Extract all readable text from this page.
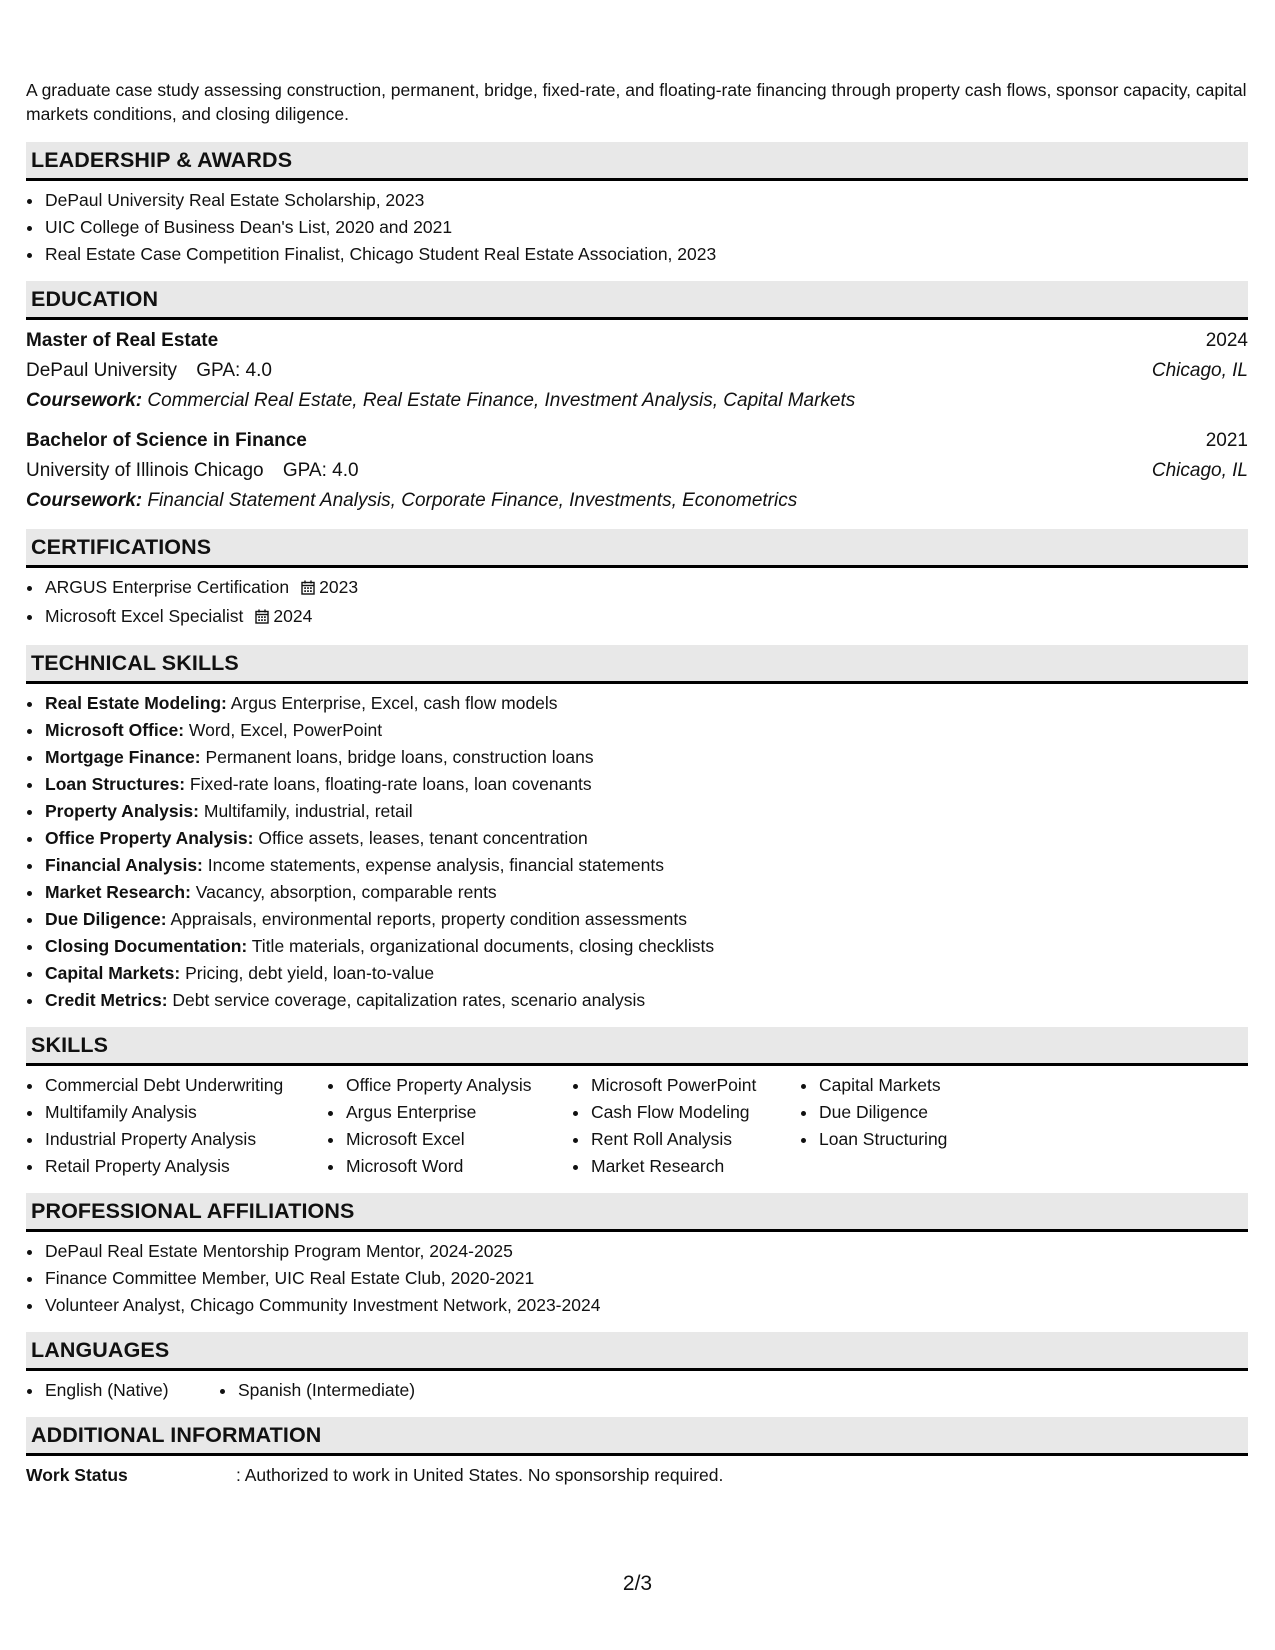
A graduate case study assessing construction, permanent, bridge, fixed-rate, and floating-rate financing through property cash flows, sponsor capacity, capital markets conditions, and closing diligence.
LEADERSHIP & AWARDS
• DePaul University Real Estate Scholarship, 2023
• UIC College of Business Dean's List, 2020 and 2021
• Real Estate Case Competition Finalist, Chicago Student Real Estate Association, 2023
EDUCATION
Master of Real Estate	2024
DePaul University GPA: 4.0	Chicago, IL
Coursework: Commercial Real Estate, Real Estate Finance, Investment Analysis, Capital Markets
Bachelor of Science in Finance	2021
University of Illinois Chicago GPA: 4.0	Chicago, IL
Coursework: Financial Statement Analysis, Corporate Finance, Investments, Econometrics
CERTIFICATIONS
• ARGUS Enterprise Certification 2023
• Microsoft Excel Specialist 2024
TECHNICAL SKILLS
• Real Estate Modeling: Argus Enterprise, Excel, cash flow models
• Microsoft Office: Word, Excel, PowerPoint
• Mortgage Finance: Permanent loans, bridge loans, construction loans
• Loan Structures: Fixed-rate loans, floating-rate loans, loan covenants
• Property Analysis: Multifamily, industrial, retail
• Office Property Analysis: Office assets, leases, tenant concentration
• Financial Analysis: Income statements, expense analysis, financial statements
• Market Research: Vacancy, absorption, comparable rents
• Due Diligence: Appraisals, environmental reports, property condition assessments
• Closing Documentation: Title materials, organizational documents, closing checklists
• Capital Markets: Pricing, debt yield, loan-to-value
• Credit Metrics: Debt service coverage, capitalization rates, scenario analysis
SKILLS
• Commercial Debt Underwriting
• Multifamily Analysis
• Industrial Property Analysis
• Retail Property Analysis
• Office Property Analysis
• Argus Enterprise
• Microsoft Excel
• Microsoft Word
• Microsoft PowerPoint
• Cash Flow Modeling
• Rent Roll Analysis
• Market Research
• Capital Markets
• Due Diligence
• Loan Structuring
PROFESSIONAL AFFILIATIONS
• DePaul Real Estate Mentorship Program Mentor, 2024-2025
• Finance Committee Member, UIC Real Estate Club, 2020-2021
• Volunteer Analyst, Chicago Community Investment Network, 2023-2024
LANGUAGES
• English (Native)
•	Spanish (Intermediate)
ADDITIONAL INFORMATION
Work Status	: Authorized to work in United States. No sponsorship required.
2/3
